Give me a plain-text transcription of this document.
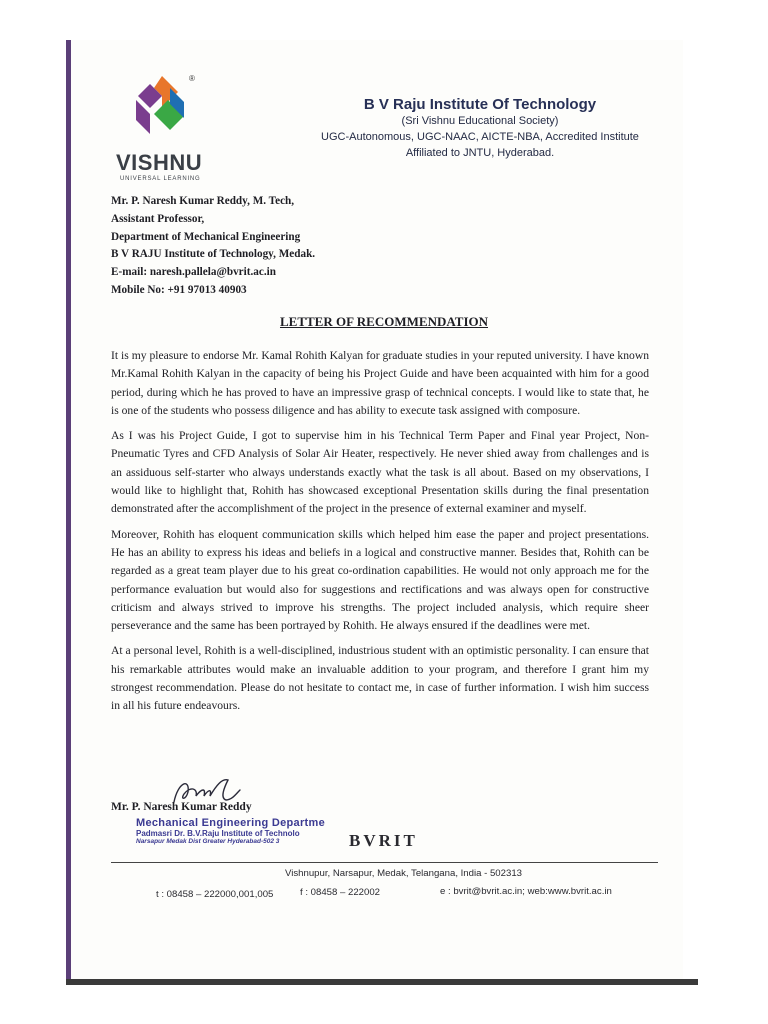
®
VISHNU
UNIVERSAL LEARNING
B V Raju Institute Of Technology
(Sri Vishnu Educational Society)
UGC-Autonomous, UGC-NAAC, AICTE-NBA, Accredited Institute
Affiliated to JNTU, Hyderabad.
Mr. P. Naresh Kumar Reddy, M. Tech,
Assistant Professor,
Department of Mechanical Engineering
B V RAJU Institute of Technology, Medak.
E-mail: naresh.pallela@bvrit.ac.in
Mobile No: +91 97013 40903
LETTER OF RECOMMENDATION

It is my pleasure to endorse Mr. Kamal Rohith Kalyan for graduate studies in your reputed university. I have known Mr.Kamal Rohith Kalyan in the capacity of being his Project Guide and have been acquainted with him for a good period, during which he has proved to have an impressive grasp of technical concepts. I would like to state that, he is one of the students who possess diligence and has ability to execute task assigned with composure.

As I was his Project Guide, I got to supervise him in his Technical Term Paper and Final year Project, Non-Pneumatic Tyres and CFD Analysis of Solar Air Heater, respectively. He never shied away from challenges and is an assiduous self-starter who always understands exactly what the task is all about. Based on my observations, I would like to highlight that, Rohith has showcased exceptional Presentation skills during the final presentation demonstrated after the accomplishment of the project in the presence of external examiner and myself.

Moreover, Rohith has eloquent communication skills which helped him ease the paper and project presentations. He has an ability to express his ideas and beliefs in a logical and constructive manner. Besides that, Rohith can be regarded as a great team player due to his great co-ordination capabilities. He would not only approach me for the performance evaluation but would also for suggestions and rectifications and was always open for constructive criticism and always strived to improve his strengths. The project included analysis, which require sheer perseverance and the same has been portrayed by Rohith. He always ensured if the deadlines were met.

At a personal level, Rohith is a well-disciplined, industrious student with an optimistic personality. I can ensure that his remarkable attributes would make an invaluable addition to your program, and therefore I grant him my strongest recommendation. Please do not hesitate to contact me, in case of further information. I wish him success in all his future endeavours.

Mr. P. Naresh Kumar Reddy
Mechanical Engineering Departme
Padmasri Dr. B.V.Raju Institute of Technolo
Narsapur Medak Dist Greater Hyderabad-502 3	BVRIT
Vishnupur, Narsapur, Medak, Telangana, India - 502313
t : 08458 – 222000,001,005	f : 08458 – 222002	e : bvrit@bvrit.ac.in; web:www.bvrit.ac.in
